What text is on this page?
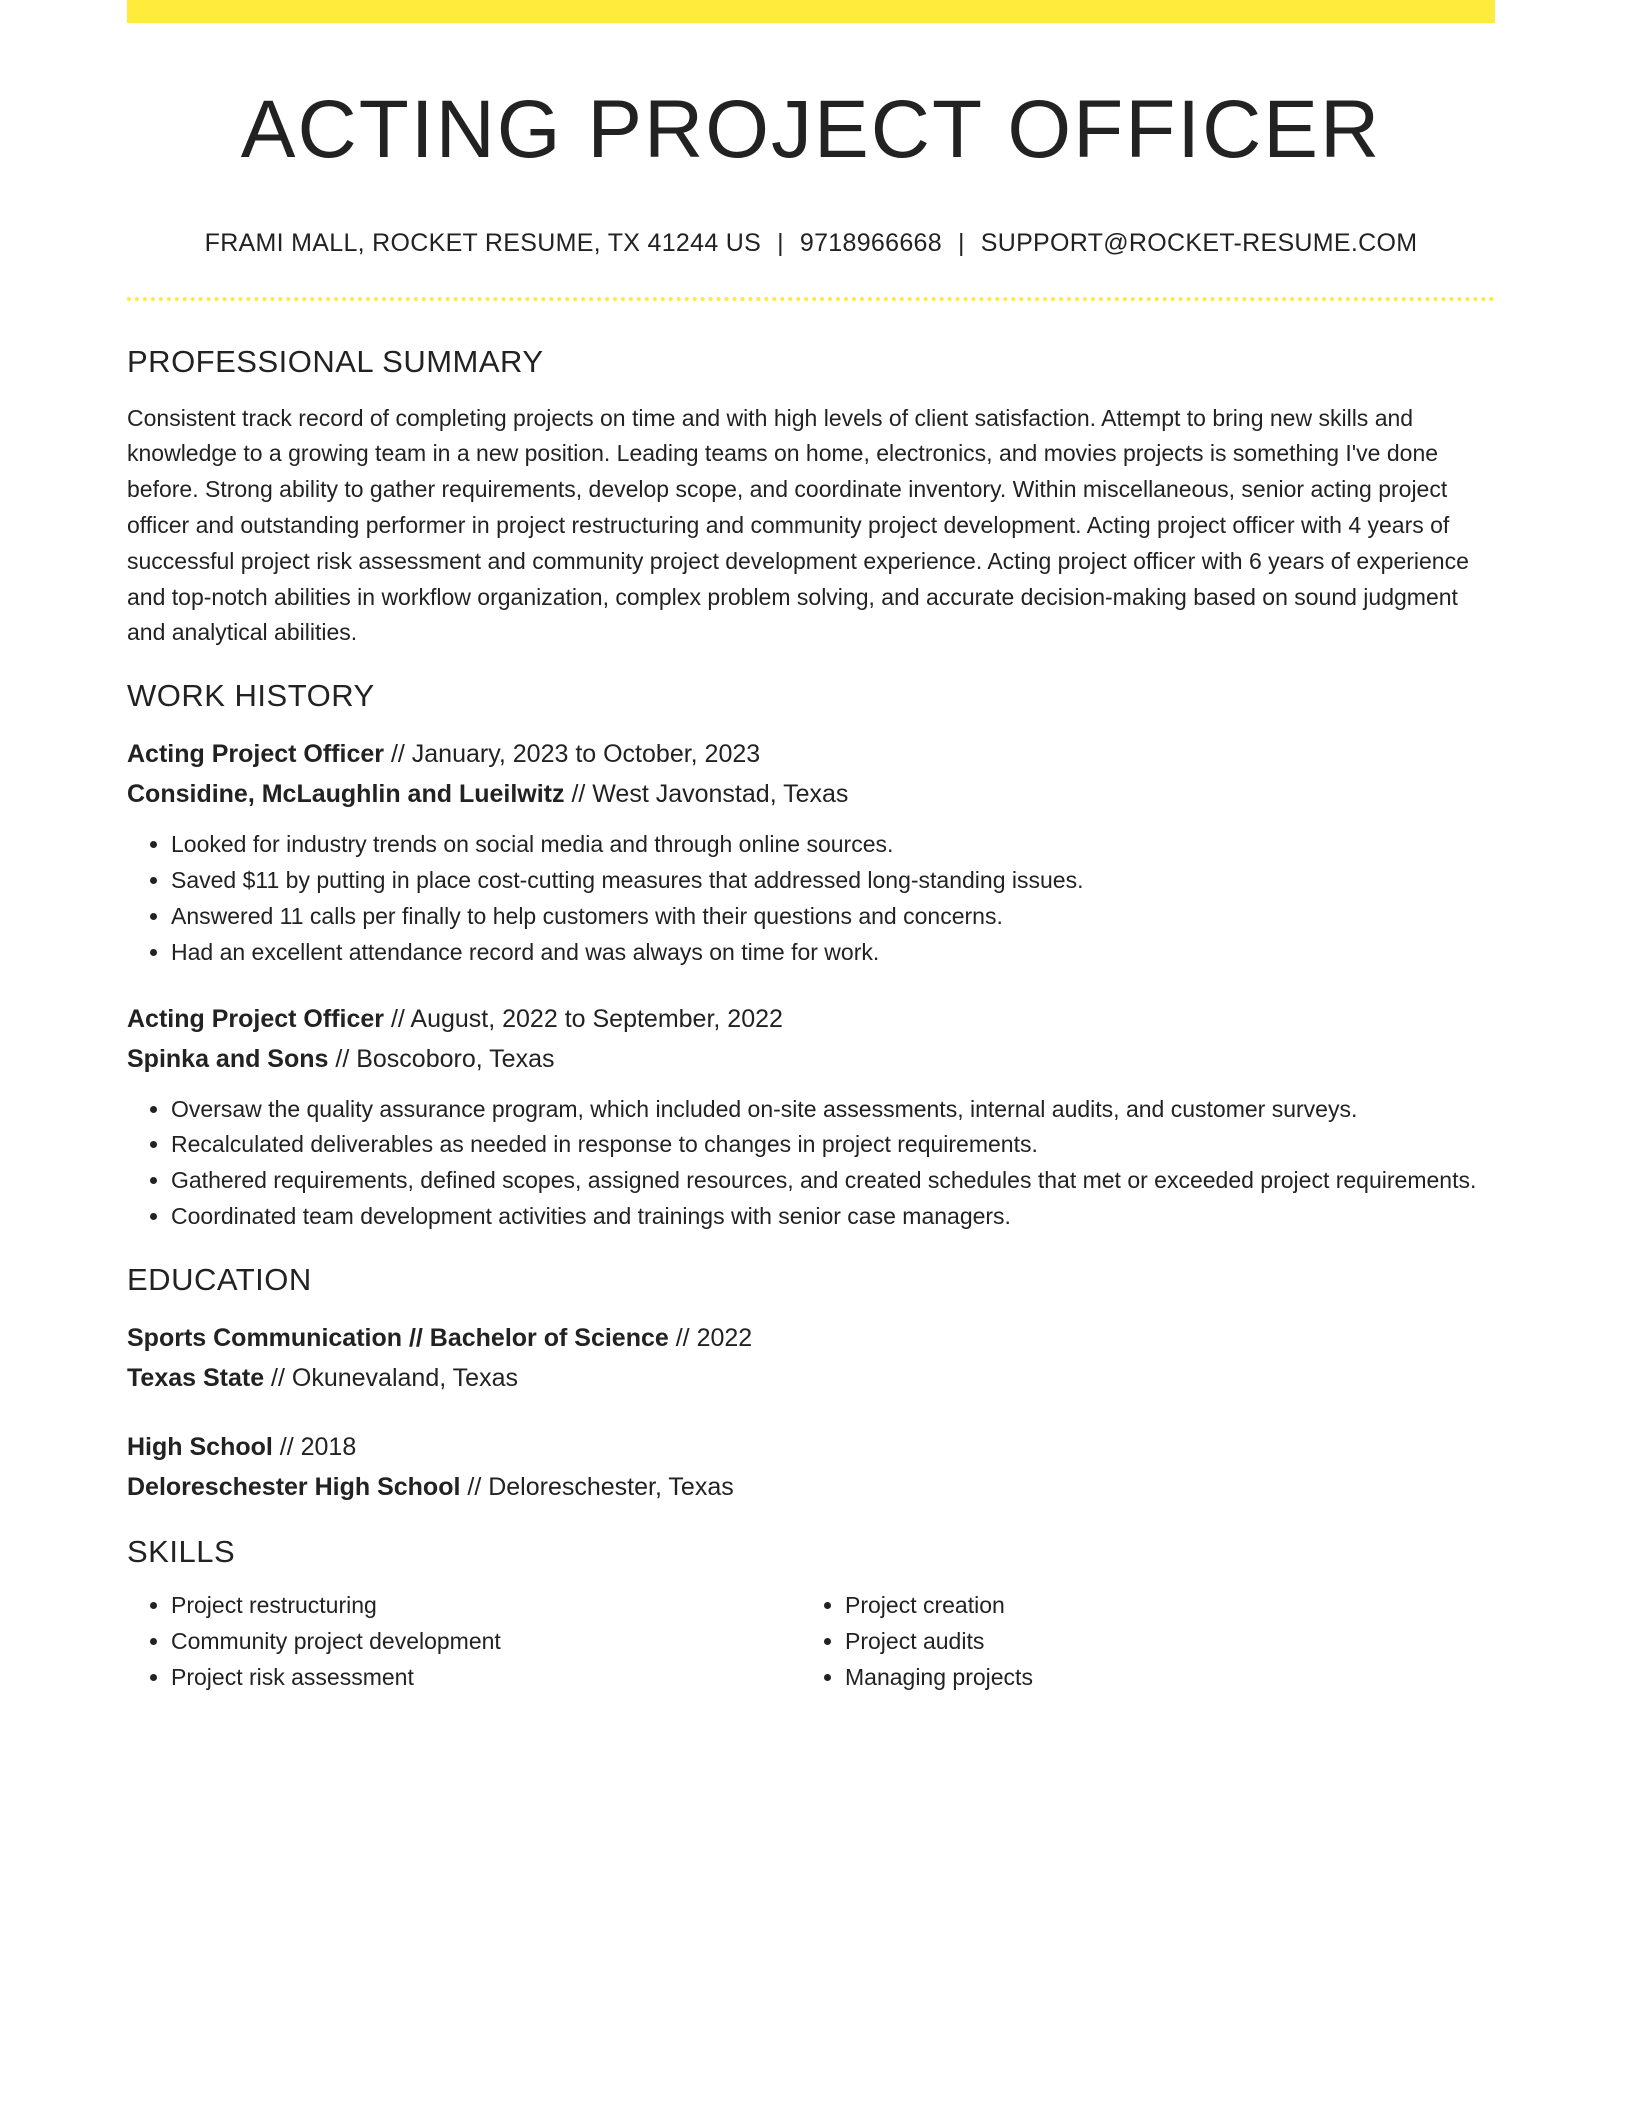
ACTING PROJECT OFFICER
FRAMI MALL, ROCKET RESUME, TX 41244 US | 9718966668 | SUPPORT@ROCKET-RESUME.COM
PROFESSIONAL SUMMARY

Consistent track record of completing projects on time and with high levels of client satisfaction. Attempt to bring new skills and knowledge to a growing team in a new position. Leading teams on home, electronics, and movies projects is something I've done before. Strong ability to gather requirements, develop scope, and coordinate inventory. Within miscellaneous, senior acting project officer and outstanding performer in project restructuring and community project development. Acting project officer with 4 years of successful project risk assessment and community project development experience. Acting project officer with 6 years of experience and top-notch abilities in workflow organization, complex problem solving, and accurate decision-making based on sound judgment and analytical abilities.

WORK HISTORY
Acting Project Officer // January, 2023 to October, 2023
Considine, McLaughlin and Lueilwitz // West Javonstad, Texas
• Looked for industry trends on social media and through online sources.
• Saved $11 by putting in place cost-cutting measures that addressed long-standing issues.
• Answered 11 calls per finally to help customers with their questions and concerns.
• Had an excellent attendance record and was always on time for work.
Acting Project Officer // August, 2022 to September, 2022
Spinka and Sons // Boscoboro, Texas
• Oversaw the quality assurance program, which included on-site assessments, internal audits, and customer surveys.
• Recalculated deliverables as needed in response to changes in project requirements.
• Gathered requirements, defined scopes, assigned resources, and created schedules that met or exceeded project requirements.
• Coordinated team development activities and trainings with senior case managers.
EDUCATION
Sports Communication // Bachelor of Science // 2022
Texas State // Okunevaland, Texas
High School // 2018
Deloreschester High School // Deloreschester, Texas
SKILLS
• Project restructuring
• Community project development
• Project risk assessment
• Project creation
• Project audits
• Managing projects
